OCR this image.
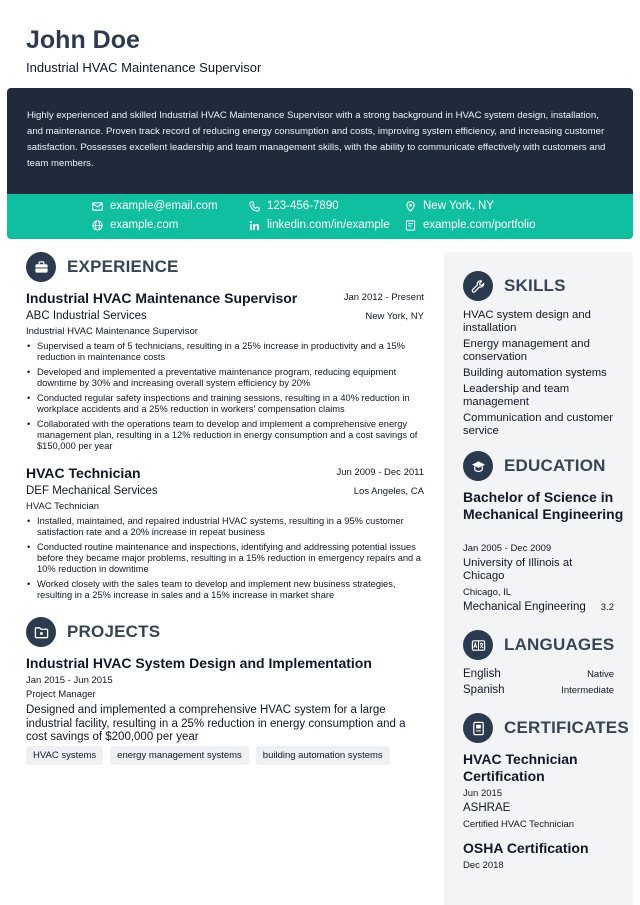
John Doe
Industrial HVAC Maintenance Supervisor
Highly experienced and skilled Industrial HVAC Maintenance Supervisor with a strong background in HVAC system design, installation, and maintenance. Proven track record of reducing energy consumption and costs, improving system efficiency, and increasing customer satisfaction. Possesses excellent leadership and team management skills, with the ability to communicate effectively with customers and team members.
example@email.com	123-456-7890	New York, NY
example.com	linkedin.com/in/example	example.com/portfolio
EXPERIENCE
Industrial HVAC Maintenance Supervisor	Jan 2012 - Present
ABC Industrial Services	New York, NY
Industrial HVAC Maintenance Supervisor
• Supervised a team of 5 technicians, resulting in a 25% increase in productivity and a 15% reduction in maintenance costs
• Developed and implemented a preventative maintenance program, reducing equipment downtime by 30% and increasing overall system efficiency by 20%
• Conducted regular safety inspections and training sessions, resulting in a 40% reduction in workplace accidents and a 25% reduction in workers' compensation claims
• Collaborated with the operations team to develop and implement a comprehensive energy management plan, resulting in a 12% reduction in energy consumption and a cost savings of $150,000 per year
HVAC Technician	Jun 2009 - Dec 2011
DEF Mechanical Services	Los Angeles, CA
HVAC Technician
• Installed, maintained, and repaired industrial HVAC systems, resulting in a 95% customer satisfaction rate and a 20% increase in repeat business
• Conducted routine maintenance and inspections, identifying and addressing potential issues before they became major problems, resulting in a 15% reduction in emergency repairs and a 10% reduction in downtime
• Worked closely with the sales team to develop and implement new business strategies, resulting in a 25% increase in sales and a 15% increase in market share
PROJECTS
Industrial HVAC System Design and Implementation
Jan 2015 - Jun 2015
Project Manager
Designed and implemented a comprehensive HVAC system for a large industrial facility, resulting in a 25% reduction in energy consumption and a cost savings of $200,000 per year
HVAC systems	energy management systems	building automation systems
SKILLS
HVAC system design and installation
Energy management and conservation
Building automation systems
Leadership and team management
Communication and customer service
EDUCATION
Bachelor of Science in Mechanical Engineering
Jan 2005 - Dec 2009
University of Illinois at Chicago
Chicago, IL
Mechanical Engineering 3.2
LANGUAGES
English	Native
Spanish	Intermediate
CERTIFICATES
HVAC Technician Certification
Jun 2015
ASHRAE
Certified HVAC Technician
OSHA Certification
Dec 2018
